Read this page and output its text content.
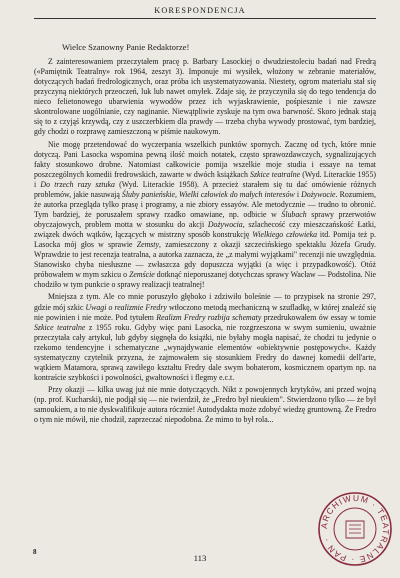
KORESPONDENCJA
Wielce Szanowny Panie Redaktorze!

Z zainteresowaniem przeczytałem pracę p. Barbary Lasockiej o dwudziestoleciu badań nad Fredrą («Pamiętnik Teatralny» rok 1964, zeszyt 3). Imponuje mi wysiłek, włożony w zebranie materiałów, dotyczących badań fredrologicznych, oraz próba ich usystematyzowania. Niestety, ogrom materiału stał się przyczyną niektórych przeoczeń, luk lub nawet omyłek. Zdaje się, że przyczyniła się do tego tendencja do nieco felietonowego ubarwienia wywodów przez ich wyjaskrawienie, pośpiesznie i nie zawsze skontrolowane uogólnianie, czy naginanie. Niewątpliwie zyskuje na tym owa barwność. Skoro jednak stają się to z czyjąś krzywdą, czy z uszczerbkiem dla prawdy — trzeba chyba wywody prostować, tym bardziej, gdy chodzi o rozprawę zamieszczoną w piśmie naukowym.

Nie mogę przetendować do wyczerpania wszelkich punktów spornych. Zacznę od tych, które mnie dotyczą. Pani Lasocka wspomina pewną ilość moich notatek, często sprawozdawczych, sygnalizujących fakty stosunkowo drobne. Natomiast całkowicie pomija wszelkie moje studia i essaye na temat poszczególnych komedii fredrowskich, zawarte w dwóch książkach Szkice teatralne (Wyd. Literackie 1955) i Do trzech razy sztuka (Wyd. Literackie 1958). A przecież starałem się tu dać omówienie różnych problemów, jakie nasuwają Śluby panieńskie, Wielki człowiek do małych interesów i Dożywocie. Rozumiem, że autorka przegląda tylko prasę i programy, a nie zbiory essayów. Ale metodycznie — trudno to obronić. Tym bardziej, że poruszałem sprawy rzadko omawiane, np. odbicie w Ślubach sprawy przerwotów obyczajowych, problem motta w stosunku do akcji Dożywocia, szlachecość czy mieszczańskość Łatki, związek dwóch wątków, łączących w mistrzny sposób konstrukcję Wielkiego człowieka itd. Pomija też p. Lasocka mój głos w sprawie Zemsty, zamieszczony z okazji szczecińskiego spektaklu Józefa Grudy. Wprawdzie to jest recenzja teatralna, a autorka zaznacza, że „z małymi wyjątkami" recenzji nie uwzględnia. Stanowisko chyba niesłuszne — zwłaszcza gdy dopuszcza wyjątki (a więc i przypadkowość). Otóż próbowałem w mym szkicu o Zemście dotknąć nieporuszanej dotychczas sprawy Wacław — Podstolina. Nie chodziło w tym punkcie o sprawy realizacji teatralnej!

Mniejsza z tym. Ale co mnie poruszyło głęboko i zdziwiło boleśnie — to przypisek na stronie 297, gdzie mój szkic Uwagi o realizmie Fredry wtłoczono metodą mechaniczną w szufladkę, w której znaleźć się nie powinien i nie może. Pod tytułem Realizm Fredry rozbija schematy przedrukowałem ów essay w tomie Szkice teatralne z 1955 roku. Gdyby więc pani Lasocka, nie rozgrzeszona w swym sumieniu, uważnie przeczytała cały artykuł, lub gdyby sięgnęła do książki, nie byłaby mogła napisać, że chodzi tu jedynie o rzekomo tendencyjne i schematyczne „wynajdywanie elementów «obiektywnie postępowych». Każdy systematyczny czytelnik przyzna, że zajmowałem się stosunkiem Fredry do dawnej komedii dell'arte, wątkiem Matamora, sprawą zawiłego kształtu Fredry dale swym bohaterom, kosmicznem opartym np. na kontraście szybkości i powolności, gwałtowności i flegmy e.c.t.

Przy okazji — kilka uwag już nie mnie dotyczących. Nikt z powojennych krytyków, ani przed wojną (np. prof. Kucharski), nie podjął się — nie twierdził, że „Fredro był nieukiem". Stwierdzono tylko — że był samoukiem, a to nie dyskwalifikuje autora rócznie! Autodydakta może zdobyć wiedzę gruntowną. Że Fredro o tym nie mówił, nie chodził, zaprzeczać niepodobna. Że mimo to był rola...

8
113
ARCHIWUM · TEATRALNE · PAN ·
